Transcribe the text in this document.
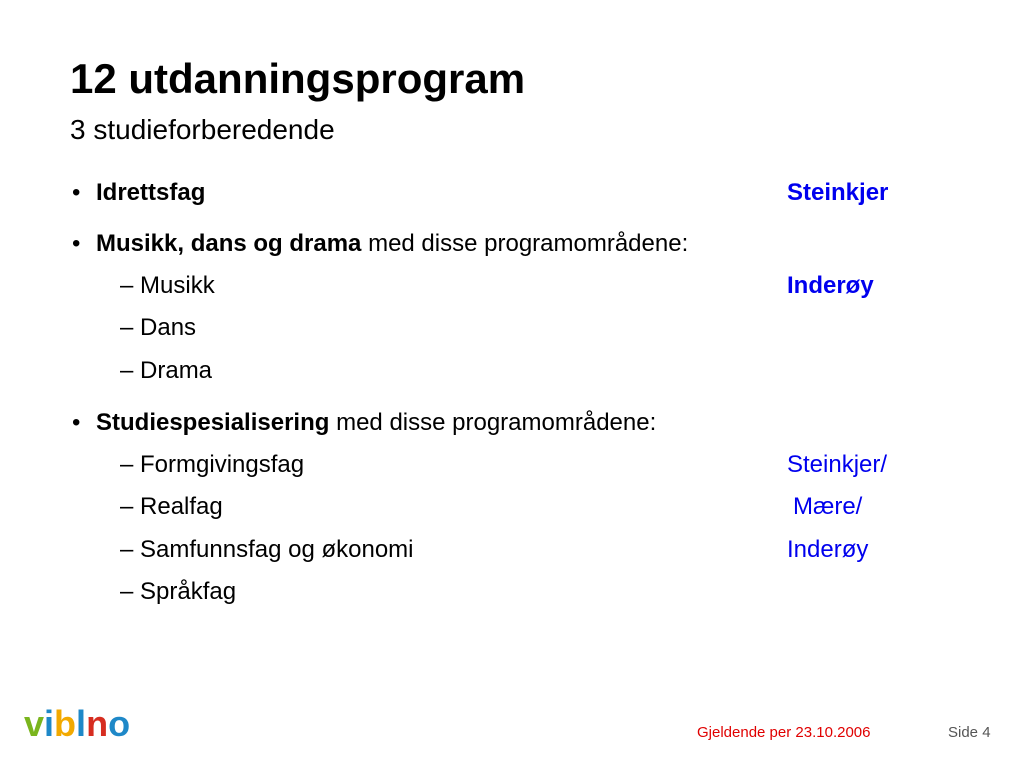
12 utdanningsprogram
3 studieforberedende
• Idrettsfag	Steinkjer
• Musikk, dans og drama med disse programområdene:
– Musikk	Inderøy
– Dans
– Drama
• Studiespesialisering med disse programområdene:
– Formgivingsfag	Steinkjer/
– Realfag	Mære/
– Samfunnsfag og økonomi	Inderøy
– Språkfag
viblno	Gjeldende per 23.10.2006	Side 4
